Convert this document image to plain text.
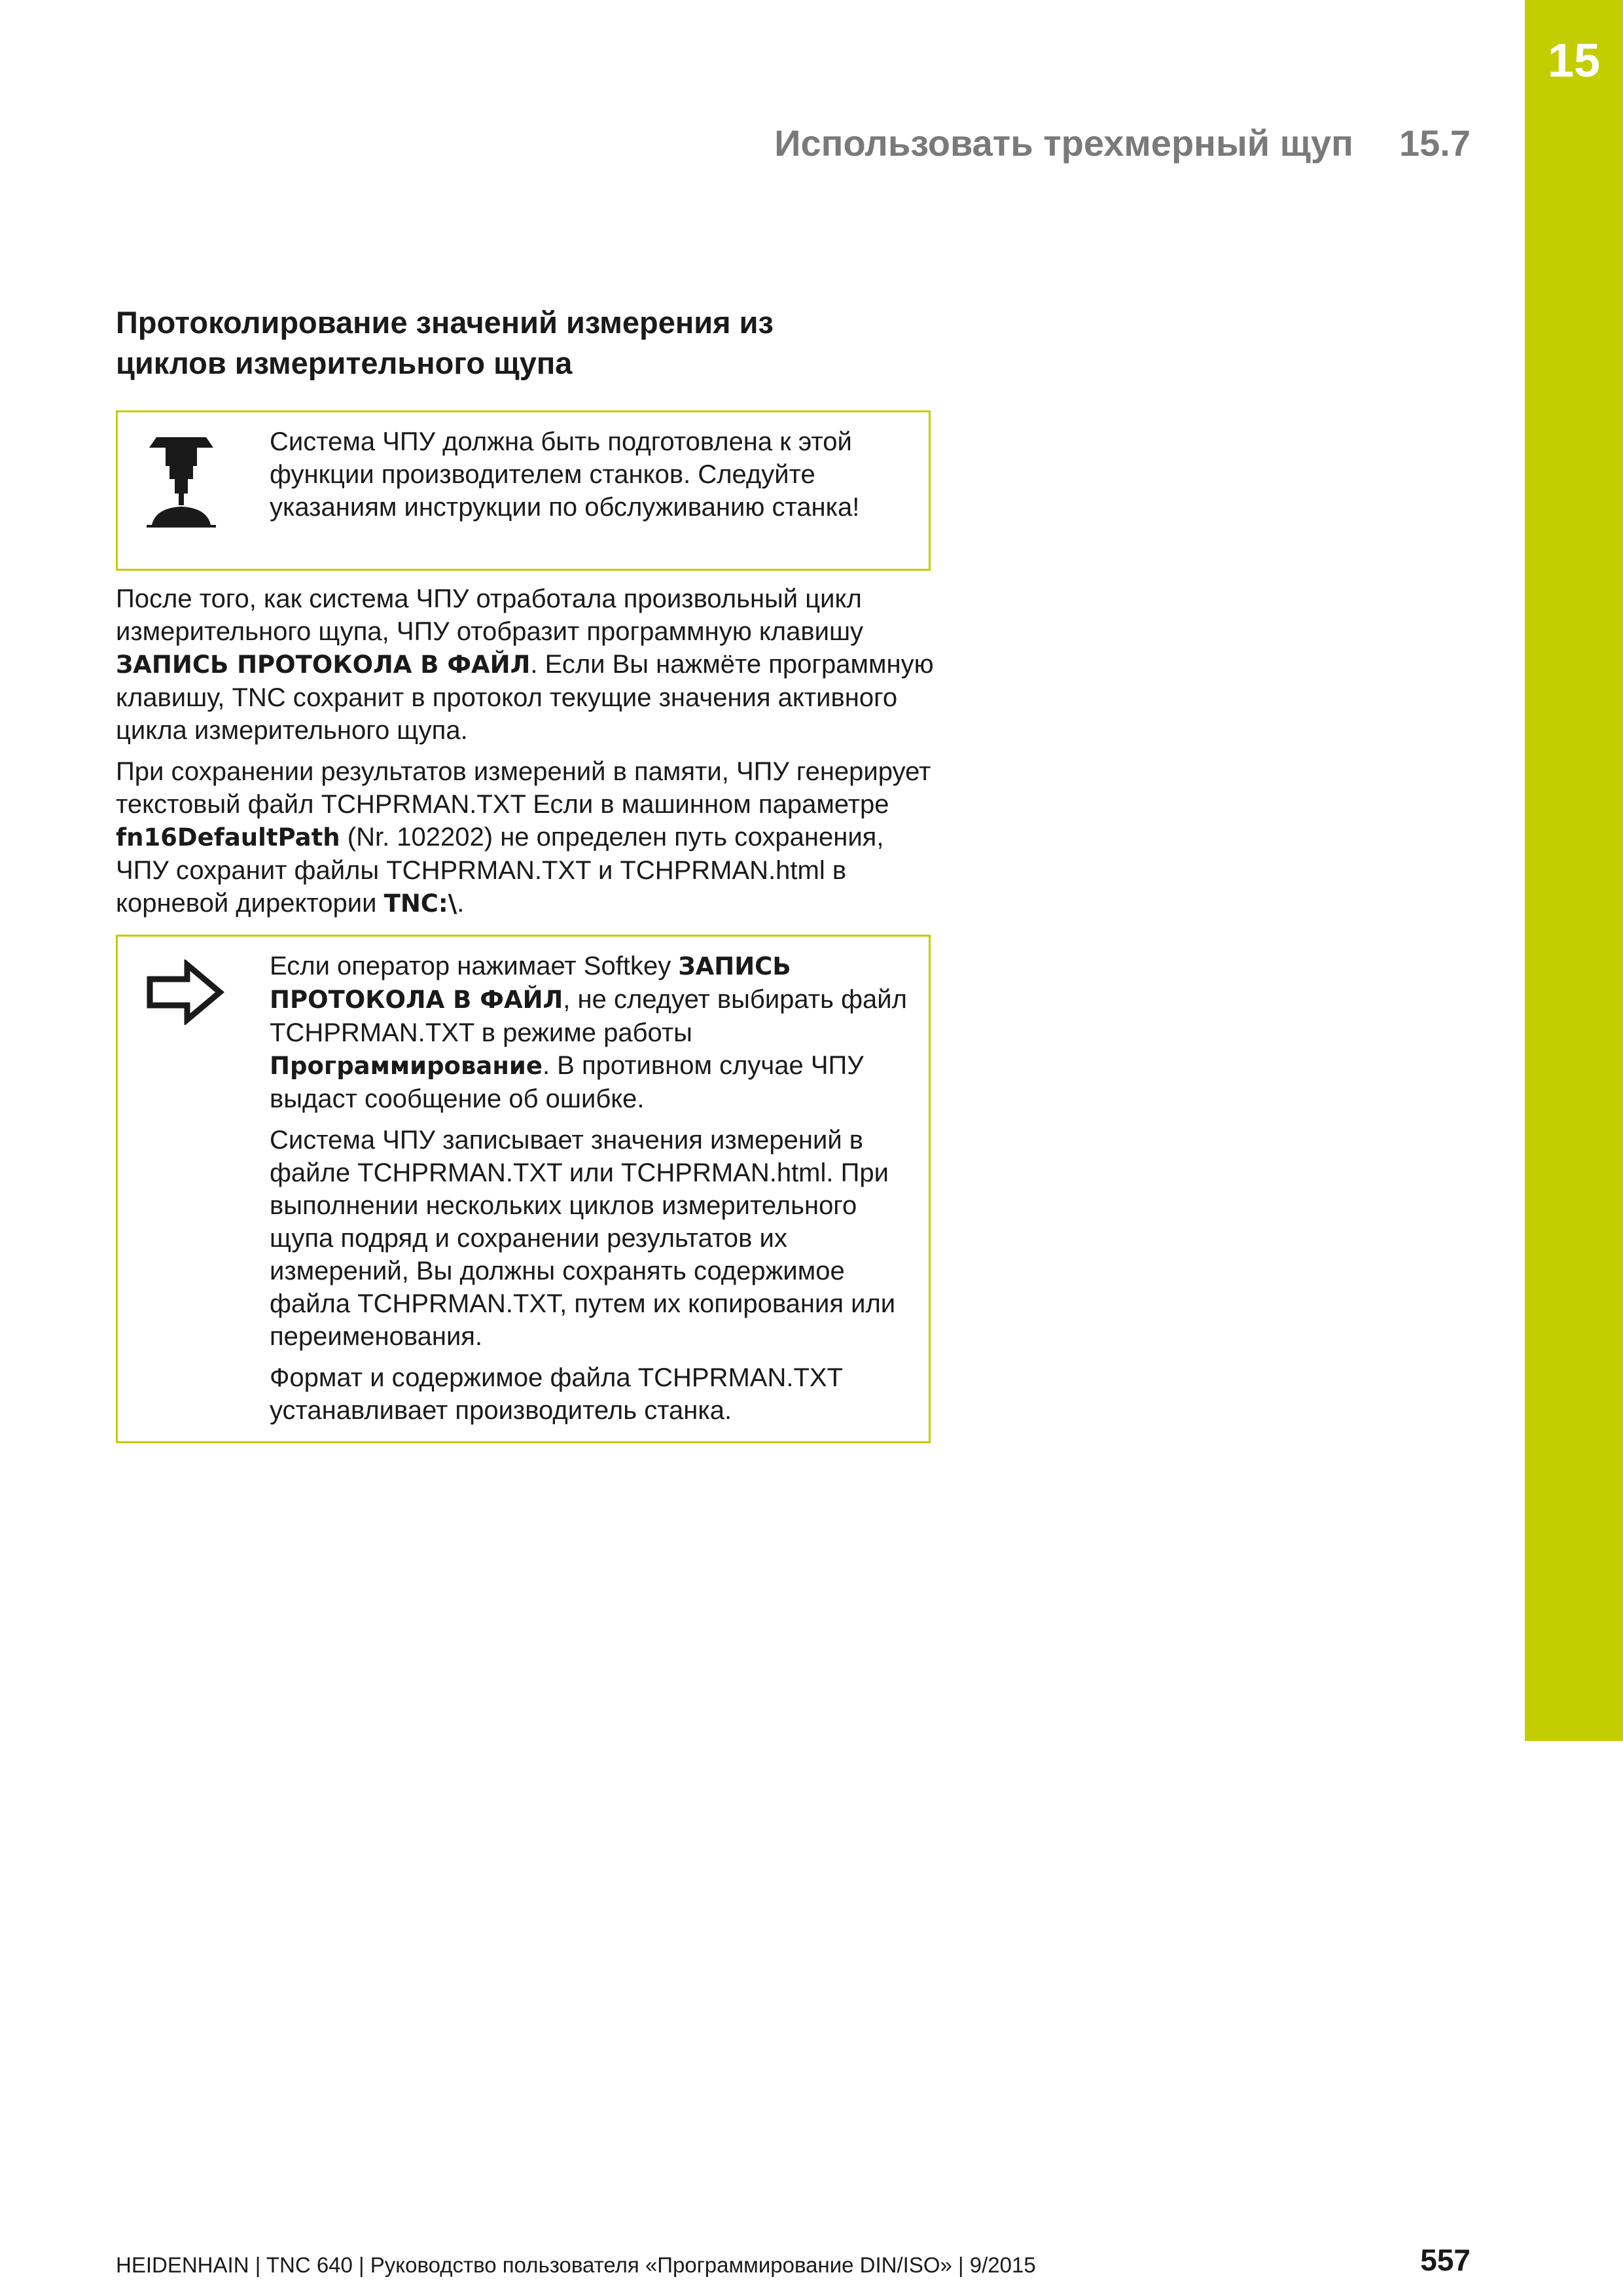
15
Использовать трехмерный щуп 15.7
Протоколирование значений измерения из
циклов измерительного щупа

Система ЧПУ должна быть подготовлена к этой функции производителем станков. Следуйте указаниям инструкции по обслуживанию станка!

После того, как система ЧПУ отработала произвольный цикл измерительного щупа, ЧПУ отобразит программную клавишу ЗАПИСЬ ПРОТОКОЛА В ФАЙЛ. Если Вы нажмёте программную клавишу, TNC сохранит в протокол текущие значения активного цикла измерительного щупа.

При сохранении результатов измерений в памяти, ЧПУ генерирует текстовый файл TCHPRMAN.TXT Если в машинном параметре fn16DefaultPath (Nr. 102202) не определен путь сохранения, ЧПУ сохранит файлы TCHPRMAN.TXT и TCHPRMAN.html в корневой директории TNC:\.

Если оператор нажимает Softkey ЗАПИСЬ ПРОТОКОЛА В ФАЙЛ, не следует выбирать файл TCHPRMAN.TXT в режиме работы Программирование. В противном случае ЧПУ выдаст сообщение об ошибке.

Система ЧПУ записывает значения измерений в файле TCHPRMAN.TXT или TCHPRMAN.html. При выполнении нескольких циклов измерительного щупа подряд и сохранении результатов их измерений, Вы должны сохранять содержимое файла TCHPRMAN.TXT, путем их копирования или переименования.

Формат и содержимое файла TCHPRMAN.TXT устанавливает производитель станка.

HEIDENHAIN | TNC 640 | Руководство пользователя «Программирование DIN/ISO» | 9/2015	557
